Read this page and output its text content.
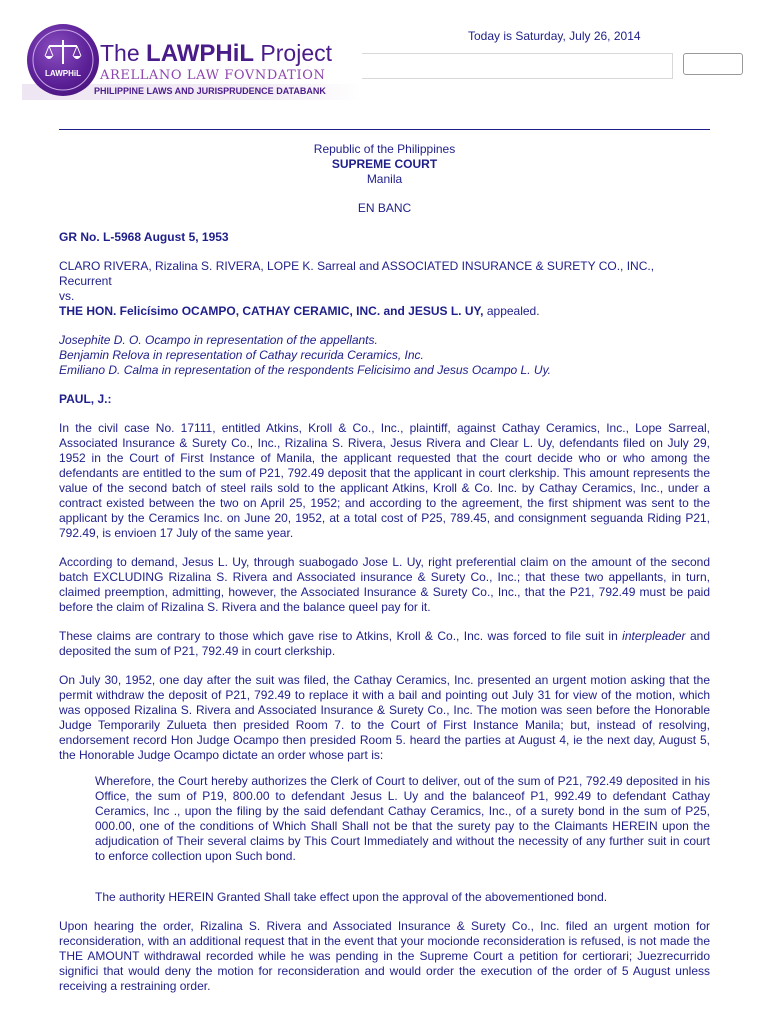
PHILIPPINE LAWS AND JURISPRUDENCE DATABANK
LAWPHiL
The LAWPHiL Project
ARELLANO LAW FOVNDATION
Today is Saturday, July 26, 2014
Republic of the Philippines
SUPREME COURT
Manila
EN BANC
GR No. L-5968 August 5, 1953

CLARO RIVERA, Rizalina S. RIVERA, LOPE K. Sarreal and ASSOCIATED INSURANCE & SURETY CO., INC., Recurrent

vs.

THE HON. Felicísimo OCAMPO, CATHAY CERAMIC, INC. and JESUS L. UY, appealed.

Josephite D. O. Ocampo in representation of the appellants.
Benjamin Relova in representation of Cathay recurida Ceramics, Inc.
Emiliano D. Calma in representation of the respondents Felicisimo and Jesus Ocampo L. Uy.
PAUL, J.:

In the civil case No. 17111, entitled Atkins, Kroll & Co., Inc., plaintiff, against Cathay Ceramics, Inc., Lope Sarreal, Associated Insurance & Surety Co., Inc., Rizalina S. Rivera, Jesus Rivera and Clear L. Uy, defendants filed on July 29, 1952 in the Court of First Instance of Manila, the applicant requested that the court decide who or who among the defendants are entitled to the sum of P21, 792.49 deposit that the applicant in court clerkship. This amount represents the value of the second batch of steel rails sold to the applicant Atkins, Kroll & Co. Inc. by Cathay Ceramics, Inc., under a contract existed between the two on April 25, 1952; and according to the agreement, the first shipment was sent to the applicant by the Ceramics Inc. on June 20, 1952, at a total cost of P25, 789.45, and consignment seguanda Riding P21, 792.49, is envioen 17 July of the same year.

According to demand, Jesus L. Uy, through suabogado Jose L. Uy, right preferential claim on the amount of the second batch EXCLUDING Rizalina S. Rivera and Associated insurance & Surety Co., Inc.; that these two appellants, in turn, claimed preemption, admitting, however, the Associated Insurance & Surety Co., Inc., that the P21, 792.49 must be paid before the claim of Rizalina S. Rivera and the balance queel pay for it.

These claims are contrary to those which gave rise to Atkins, Kroll & Co., Inc. was forced to file suit in interpleader and deposited the sum of P21, 792.49 in court clerkship.

On July 30, 1952, one day after the suit was filed, the Cathay Ceramics, Inc. presented an urgent motion asking that the permit withdraw the deposit of P21, 792.49 to replace it with a bail and pointing out July 31 for view of the motion, which was opposed Rizalina S. Rivera and Associated Insurance & Surety Co., Inc. The motion was seen before the Honorable Judge Temporarily Zulueta then presided Room 7. to the Court of First Instance Manila; but, instead of resolving, endorsement record Hon Judge Ocampo then presided Room 5. heard the parties at August 4, ie the next day, August 5, the Honorable Judge Ocampo dictate an order whose part is:

Wherefore, the Court hereby authorizes the Clerk of Court to deliver, out of the sum of P21, 792.49 deposited in his Office, the sum of P19, 800.00 to defendant Jesus L. Uy and the balanceof P1, 992.49 to defendant Cathay Ceramics, Inc ., upon the filing by the said defendant Cathay Ceramics, Inc., of a surety bond in the sum of P25, 000.00, one of the conditions of Which Shall Shall not be that the surety pay to the Claimants HEREIN upon the adjudication of Their several claims by This Court Immediately and without the necessity of any further suit in court to enforce collection upon Such bond.

The authority HEREIN Granted Shall take effect upon the approval of the abovementioned bond.

Upon hearing the order, Rizalina S. Rivera and Associated Insurance & Surety Co., Inc. filed an urgent motion for reconsideration, with an additional request that in the event that your mocionde reconsideration is refused, is not made the THE AMOUNT withdrawal recorded while he was pending in the Supreme Court a petition for certiorari; Juezrecurrido significi that would deny the motion for reconsideration and would order the execution of the order of 5 August unless receiving a restraining order.
